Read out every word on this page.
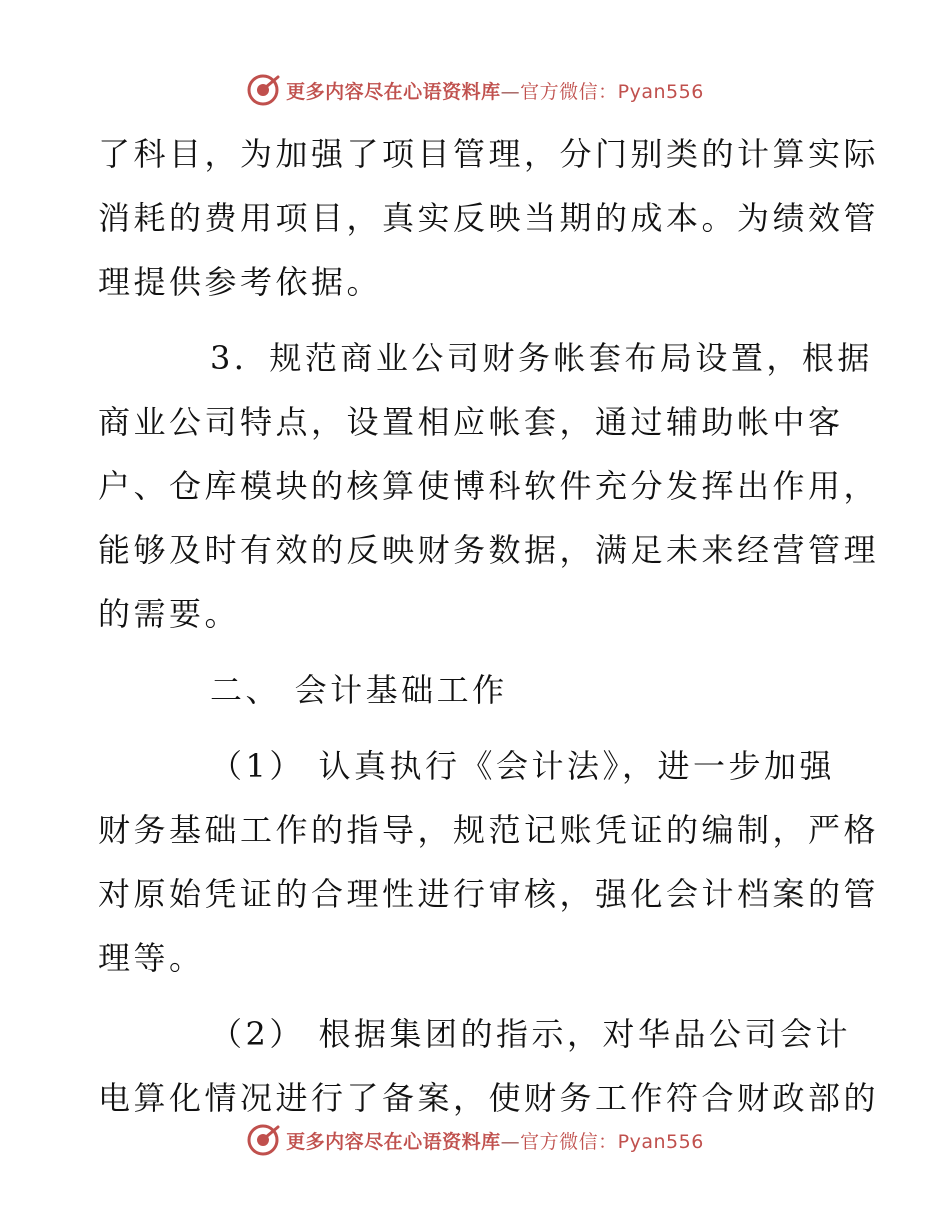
更多内容尽在心语资料库—官方微信：Pyan556

了科目，为加强了项目管理，分门别类的计算实际

消耗的费用项目，真实反映当期的成本。为绩效管

理提供参考依据。

3．规范商业公司财务帐套布局设置，根据

商业公司特点，设置相应帐套，通过辅助帐中客

户、仓库模块的核算使博科软件充分发挥出作用，

能够及时有效的反映财务数据，满足未来经营管理

的需要。

二、 会计基础工作

（1） 认真执行《会计法》，进一步加强

财务基础工作的指导，规范记账凭证的编制，严格

对原始凭证的合理性进行审核，强化会计档案的管

理等。

（2） 根据集团的指示，对华品公司会计

电算化情况进行了备案，使财务工作符合财政部的

更多内容尽在心语资料库—官方微信：Pyan556
